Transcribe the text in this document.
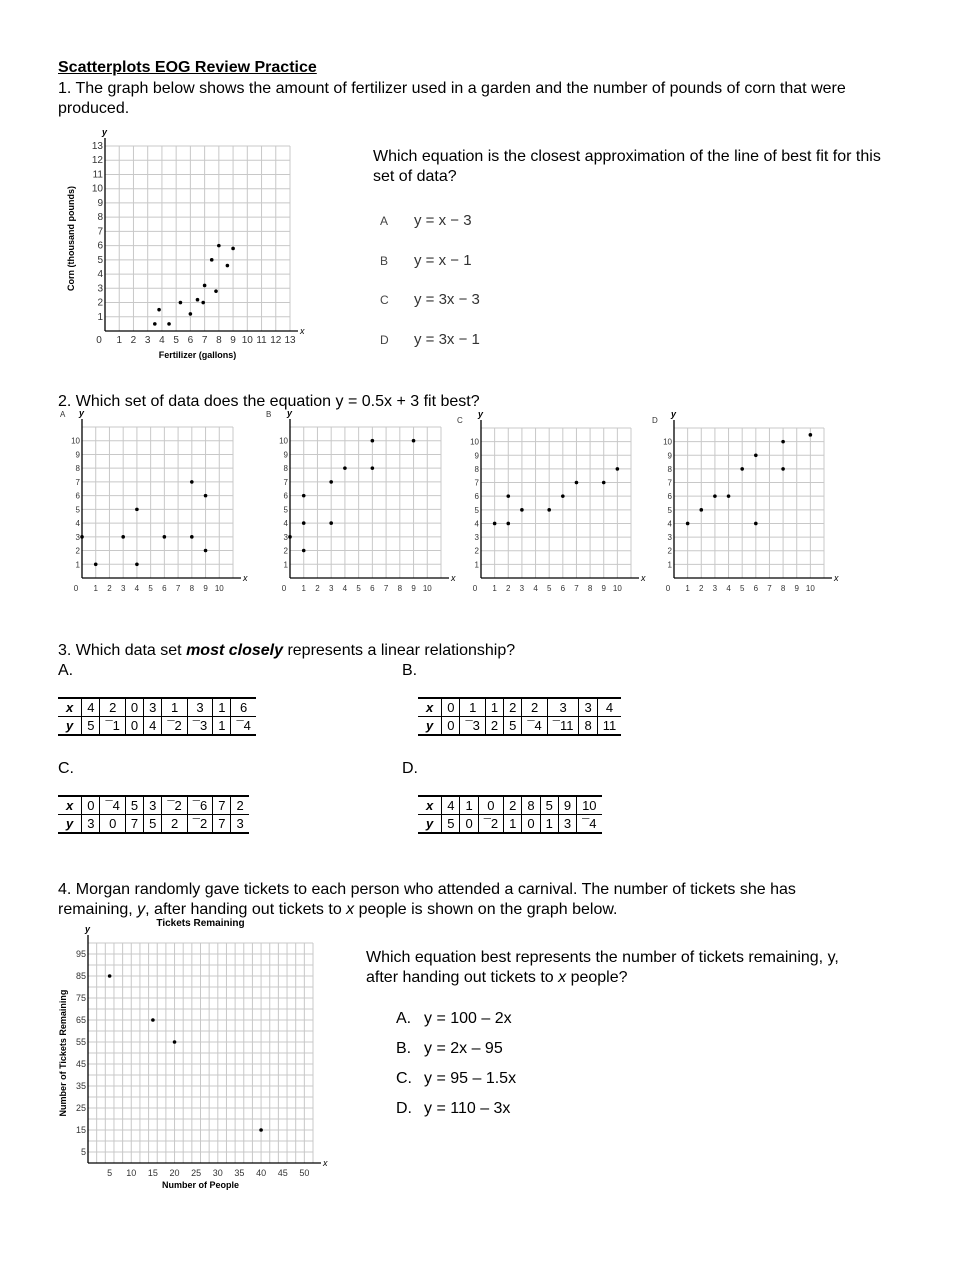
Scatterplots EOG Review Practice
1. The graph below shows the amount of fertilizer used in a garden and the number of pounds of corn that were produced.
x
y
0 1 2 3 4 5 6 7 8 9 10 11 12 13
1
2
3
4
5
6
7
8
9
10
11
12
13
Fertilizer (gallons)
Corn (thousand pounds)
Which equation is the closest approximation of the line of best fit for this set of data?
A y = x − 3
B y = x − 1
C y = 3x − 3
D y = 3x − 1
2. Which set of data does the equation y = 0.5x + 3 fit best?
x
y
0 1 2 3 4 5 6 7 8 9 10
1
2
3
4
5
6
7
8
9
10
A
x
y
0 1 2 3 4 5 6 7 8 9 10
1
2
3
4
5
6
7
8
9
10
B
x
y
0 1 2 3 4 5 6 7 8 9 10
1
2
3
4
5
6
7
8
9
10
C
x
y
0 1 2 3 4 5 6 7 8 9 10
1
2
3
4
5
6
7
8
9
10
D
3. Which data set most closely represents a linear relationship?
A.	B.
C.	D.
x	4	2	0	3	1	3	1	6
y	5	¯1	0	4	¯2	¯3	1	¯4
x	0	1	1	2	2	3	3	4
y	0	¯3	2	5	¯4	¯11	8	11
x	0	¯4	5	3	¯2	¯6	7	2
y	3	0	7	5	2	¯2	7	3
x	4	1	0	2	8	5	9	10
y	5	0	¯2	1	0	1	3	¯4
4. Morgan randomly gave tickets to each person who attended a carnival. The number of tickets she has
remaining, y, after handing out tickets to x people is shown on the graph below.
x
y
5 10 15 20 25 30 35 40 45 50
5
15
25
35
45
55
65
75
85
95
Number of People
Number of Tickets Remaining
Tickets Remaining
Which equation best represents the number of tickets remaining, y,
after handing out tickets to x people?
A. y = 100 – 2x
B. y = 2x – 95
C. y = 95 – 1.5x
D. y = 110 – 3x
